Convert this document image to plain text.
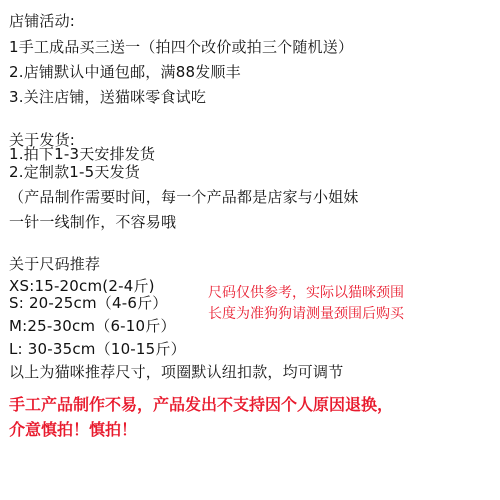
店铺活动:
1手工成品买三送一（拍四个改价或拍三个随机送）
2.店铺默认中通包邮，满88发顺丰
3.关注店铺，送猫咪零食试吃
关于发货:
1.拍下1-3天安排发货
2.定制款1-5天发货
（产品制作需要时间，每一个产品都是店家与小姐妹
一针一线制作，不容易哦
关于尺码推荐
XS:15-20cm(2-4斤)
S: 20-25cm（4-6斤）
M:25-30cm（6-10斤）
L: 30-35cm（10-15斤）
尺码仅供参考，实际以猫咪颈围
长度为准狗狗请测量颈围后购买
以上为猫咪推荐尺寸，项圈默认纽扣款，均可调节
手工产品制作不易，产品发出不支持因个人原因退换，
介意慎拍！慎拍！
